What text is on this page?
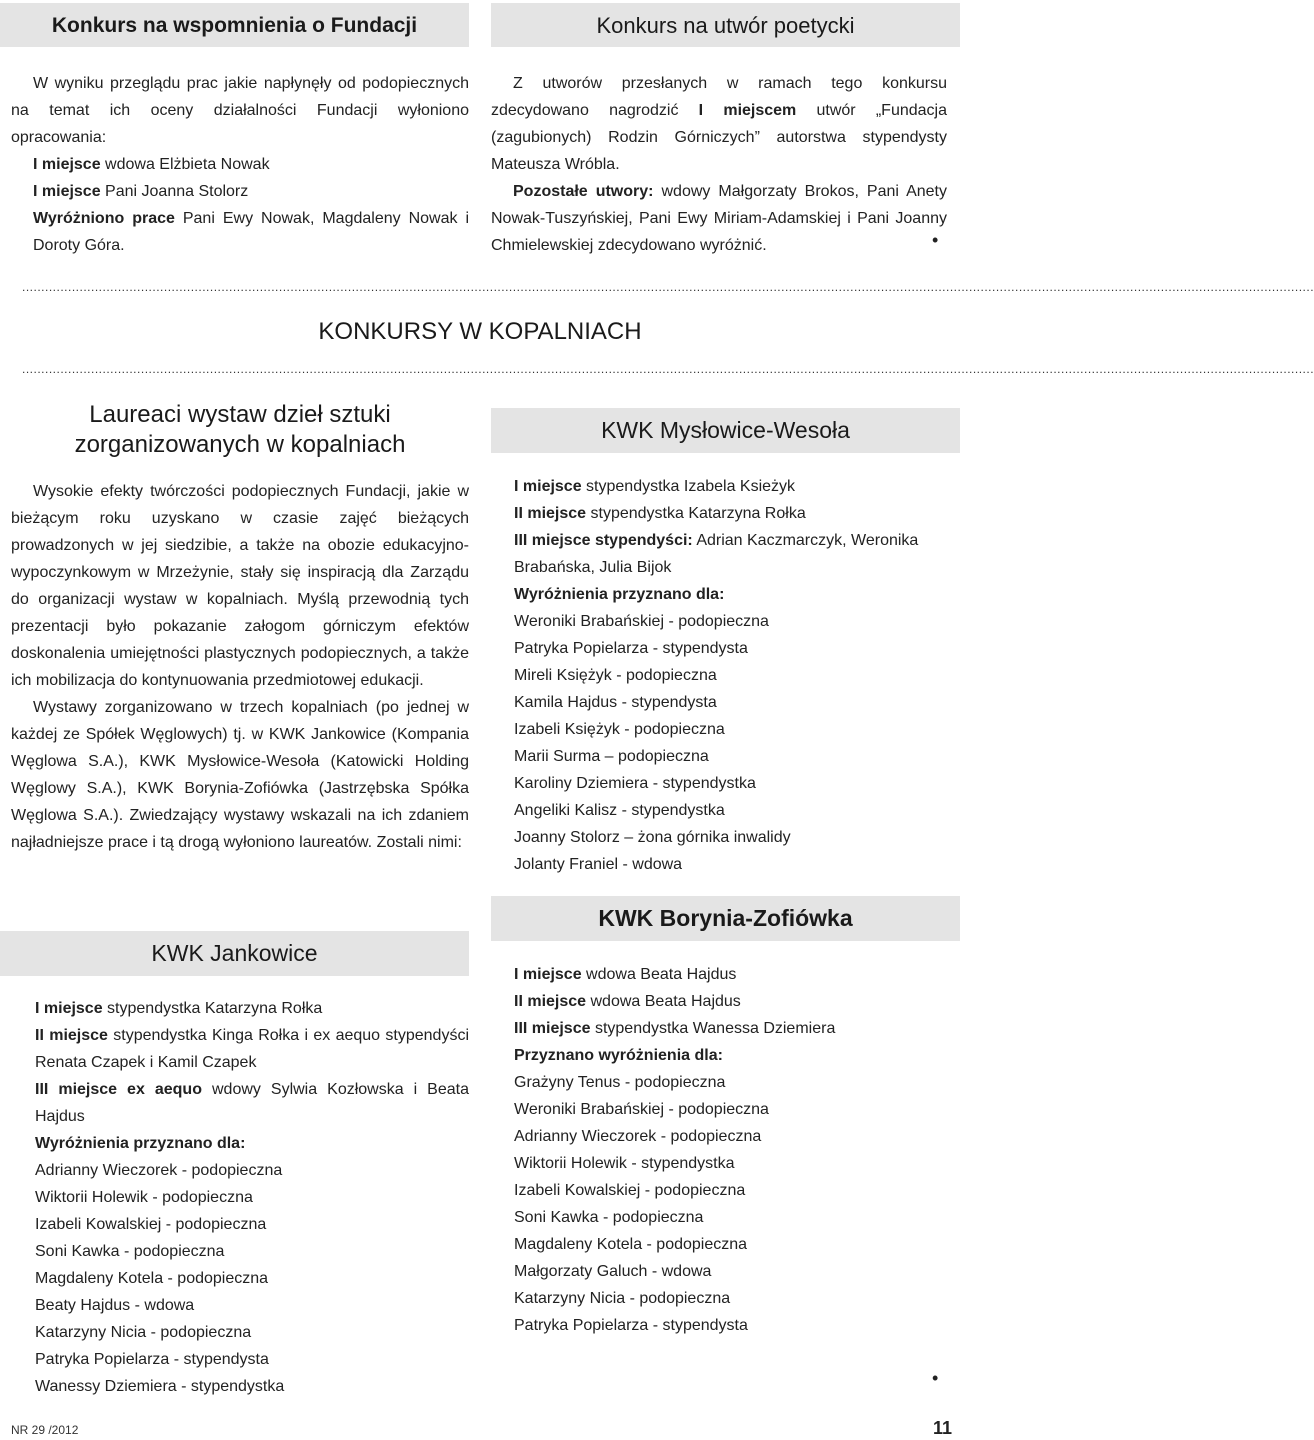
Konkurs na wspomnienia o Fundacji

W wyniku przeglądu prac jakie napłynęły od podopiecznych na temat ich oceny działalności Fundacji wyłoniono opracowania:

I miejsce wdowa Elżbieta Nowak

I miejsce Pani Joanna Stolorz

Wyróżniono prace Pani Ewy Nowak, Magdaleny Nowak i Doroty Góra.

Konkurs na utwór poetycki

Z utworów przesłanych w ramach tego konkursu zdecydowano nagrodzić I miejscem utwór „Fundacja (zagubionych) Rodzin Górniczych” autorstwa stypendysty Mateusza Wróbla.

Pozostałe utwory: wdowy Małgorzaty Brokos, Pani Anety Nowak-Tuszyńskiej, Pani Ewy Miriam-Adamskiej i Pani Joanny Chmielewskiej zdecydowano wyróżnić.	•
.................................................................................................................................................................................................................................................................................................................................................
KONKURSY W KOPALNIACH
.................................................................................................................................................................................................................................................................................................................................................
Laureaci wystaw dzieł sztuki
zorganizowanych w kopalniach

Wysokie efekty twórczości podopiecznych Fundacji, jakie w bieżącym roku uzyskano w czasie zajęć bieżących prowadzonych w jej siedzibie, a także na obozie edukacyjno-wypoczynkowym w Mrzeżynie, stały się inspiracją dla Zarządu do organizacji wystaw w kopalniach. Myślą przewodnią tych prezentacji było pokazanie załogom górniczym efektów doskonalenia umiejętności plastycznych podopiecznych, a także ich mobilizacja do kontynuowania przedmiotowej edukacji.

Wystawy zorganizowano w trzech kopalniach (po jednej w każdej ze Spółek Węglowych) tj. w KWK Jankowice (Kompania Węglowa S.A.), KWK Mysłowice-Wesoła (Katowicki Holding Węglowy S.A.), KWK Borynia-Zofiówka (Jastrzębska Spółka Węglowa S.A.). Zwiedzający wystawy wskazali na ich zdaniem najładniejsze prace i tą drogą wyłoniono laureatów. Zostali nimi:

KWK Jankowice

I miejsce stypendystka Katarzyna Rołka

II miejsce stypendystka Kinga Rołka i ex aequo stypendyści Renata Czapek i Kamil Czapek

III miejsce ex aequo wdowy Sylwia Kozłowska i Beata Hajdus

Wyróżnienia przyznano dla:

Adrianny Wieczorek - podopieczna
Wiktorii Holewik - podopieczna
Izabeli Kowalskiej - podopieczna
Soni Kawka - podopieczna
Magdaleny Kotela - podopieczna
Beaty Hajdus - wdowa
Katarzyny Nicia - podopieczna
Patryka Popielarza - stypendysta
Wanessy Dziemiera - stypendystka
KWK Mysłowice-Wesoła

I miejsce stypendystka Izabela Ksieżyk

II miejsce stypendystka Katarzyna Rołka

III miejsce stypendyści: Adrian Kaczmarczyk, Weronika Brabańska, Julia Bijok

Wyróżnienia przyznano dla:

Weroniki Brabańskiej - podopieczna
Patryka Popielarza - stypendysta
Mireli Księżyk - podopieczna
Kamila Hajdus - stypendysta
Izabeli Księżyk - podopieczna
Marii Surma – podopieczna
Karoliny Dziemiera - stypendystka
Angeliki Kalisz - stypendystka
Joanny Stolorz – żona górnika inwalidy
Jolanty Franiel - wdowa
KWK Borynia-Zofiówka

I miejsce wdowa Beata Hajdus

II miejsce wdowa Beata Hajdus

III miejsce stypendystka Wanessa Dziemiera

Przyznano wyróżnienia dla:

Grażyny Tenus - podopieczna
Weroniki Brabańskiej - podopieczna
Adrianny Wieczorek - podopieczna
Wiktorii Holewik - stypendystka
Izabeli Kowalskiej - podopieczna
Soni Kawka - podopieczna
Magdaleny Kotela - podopieczna
Małgorzaty Galuch - wdowa
Katarzyny Nicia - podopieczna
Patryka Popielarza - stypendysta
•
NR 29 /2012	11
